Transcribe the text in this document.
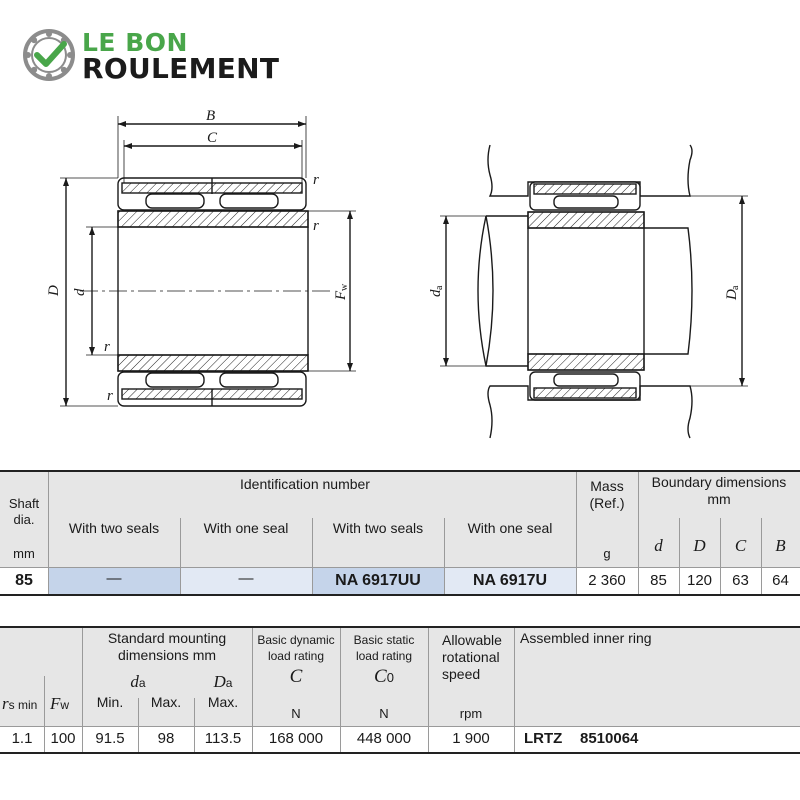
LE BON
ROULEMENT
B
C
D d
r
r
r
r
F
w
d
a
D
a
Shaft
dia.
mm
Identification number
With two seals	With one seal	With two seals	With one seal
Mass
(Ref.)
g
Boundary dimensions
mm
d	D	C	B
85	—	—	NA 6917UU	NA 6917U	2 360	85	120	63	64
rs min Fw
Standard mounting
dimensions mm
da	Da
Min.	Max.	Max.
Basic dynamic
load rating
C
N
Basic static
load rating
C0
N
Allowable
rotational
speed
rpm
Assembled inner ring
1.1	100	91.5	98	113.5	168 000	448 000	1 900	LRTZ 8510064
